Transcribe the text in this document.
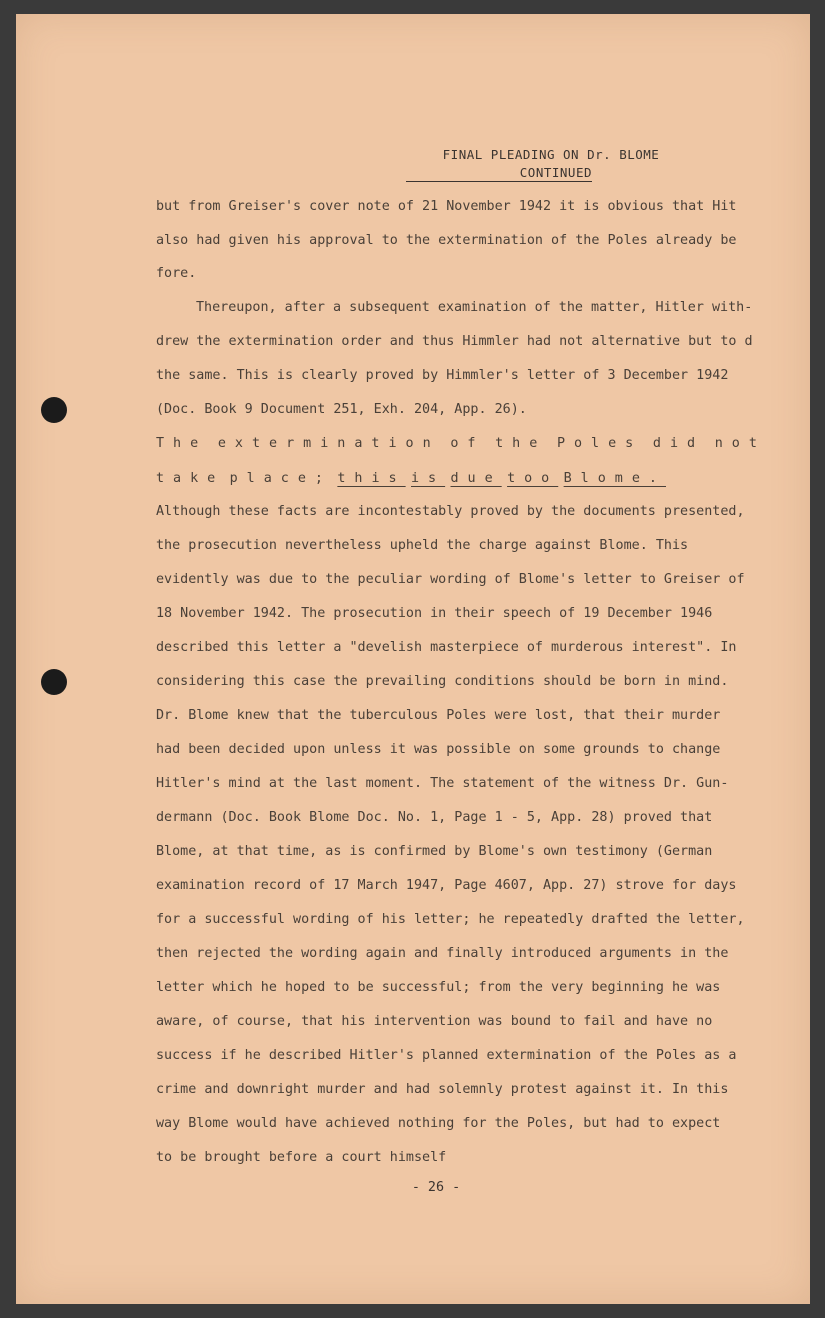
FINAL PLEADING ON Dr. BLOME
CONTINUED
but from Greiser's cover note of 21 November 1942 it is obvious that Hit
also had given his approval to the extermination of the Poles already be
fore.
Thereupon, after a subsequent examination of the matter, Hitler with-
drew the extermination order and thus Himmler had not alternative but to d
the same. This is clearly proved by Himmler's letter of 3 December 1942
(Doc. Book 9 Document 251, Exh. 204, App. 26).
The extermination of the Poles did not
take place; this is due too Blome.
Although these facts are incontestably proved by the documents presented,
the prosecution nevertheless upheld the charge against Blome. This
evidently was due to the peculiar wording of Blome's letter to Greiser of
18 November 1942. The prosecution in their speech of 19 December 1946
described this letter a "develish masterpiece of murderous interest". In
considering this case the prevailing conditions should be born in mind.
Dr. Blome knew that the tuberculous Poles were lost, that their murder
had been decided upon unless it was possible on some grounds to change
Hitler's mind at the last moment. The statement of the witness Dr. Gun-
dermann (Doc. Book Blome Doc. No. 1, Page 1 - 5, App. 28) proved that
Blome, at that time, as is confirmed by Blome's own testimony (German
examination record of 17 March 1947, Page 4607, App. 27) strove for days
for a successful wording of his letter; he repeatedly drafted the letter,
then rejected the wording again and finally introduced arguments in the
letter which he hoped to be successful; from the very beginning he was
aware, of course, that his intervention was bound to fail and have no
success if he described Hitler's planned extermination of the Poles as a
crime and downright murder and had solemnly protest against it. In this
way Blome would have achieved nothing for the Poles, but had to expect
to be brought before a court himself
- 26 -
